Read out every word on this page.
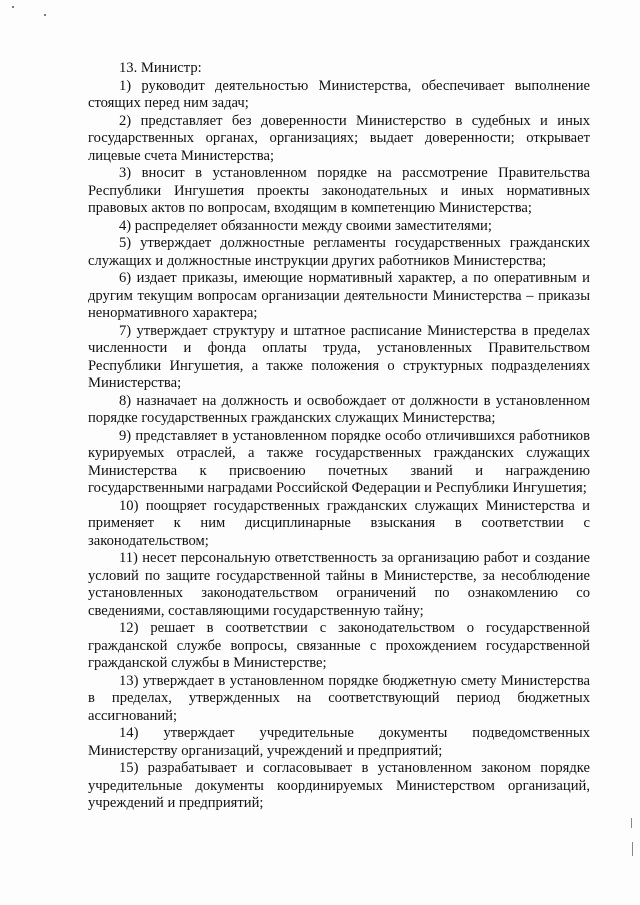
13. Министр:

1) руководит деятельностью Министерства, обеспечивает выполнение стоящих перед ним задач;

2) представляет без доверенности Министерство в судебных и иных государственных органах, организациях; выдает доверенности; открывает лицевые счета Министерства;

3) вносит в установленном порядке на рассмотрение Правительства Республики Ингушетия проекты законодательных и иных нормативных правовых актов по вопросам, входящим в компетенцию Министерства;

4) распределяет обязанности между своими заместителями;

5) утверждает должностные регламенты государственных гражданских служащих и должностные инструкции других работников Министерства;

6) издает приказы, имеющие нормативный характер, а по оперативным и другим текущим вопросам организации деятельности Министерства – приказы ненормативного характера;

7) утверждает структуру и штатное расписание Министерства в пределах численности и фонда оплаты труда, установленных Правительством Республики Ингушетия, а также положения о структурных подразделениях Министерства;

8) назначает на должность и освобождает от должности в установленном порядке государственных гражданских служащих Министерства;

9) представляет в установленном порядке особо отличившихся работников курируемых отраслей, а также государственных гражданских служащих Министерства к присвоению почетных званий и награждению государственными наградами Российской Федерации и Республики Ингушетия;

10) поощряет государственных гражданских служащих Министерства и применяет к ним дисциплинарные взыскания в соответствии с законодательством;

11) несет персональную ответственность за организацию работ и создание условий по защите государственной тайны в Министерстве, за несоблюдение установленных законодательством ограничений по ознакомлению со сведениями, составляющими государственную тайну;

12) решает в соответствии с законодательством о государственной гражданской службе вопросы, связанные с прохождением государственной гражданской службы в Министерстве;

13) утверждает в установленном порядке бюджетную смету Министерства в пределах, утвержденных на соответствующий период бюджетных ассигнований;

14) утверждает учредительные документы подведомственных Министерству организаций, учреждений и предприятий;

15) разрабатывает и согласовывает в установленном законом порядке учредительные документы координируемых Министерством организаций, учреждений и предприятий;
